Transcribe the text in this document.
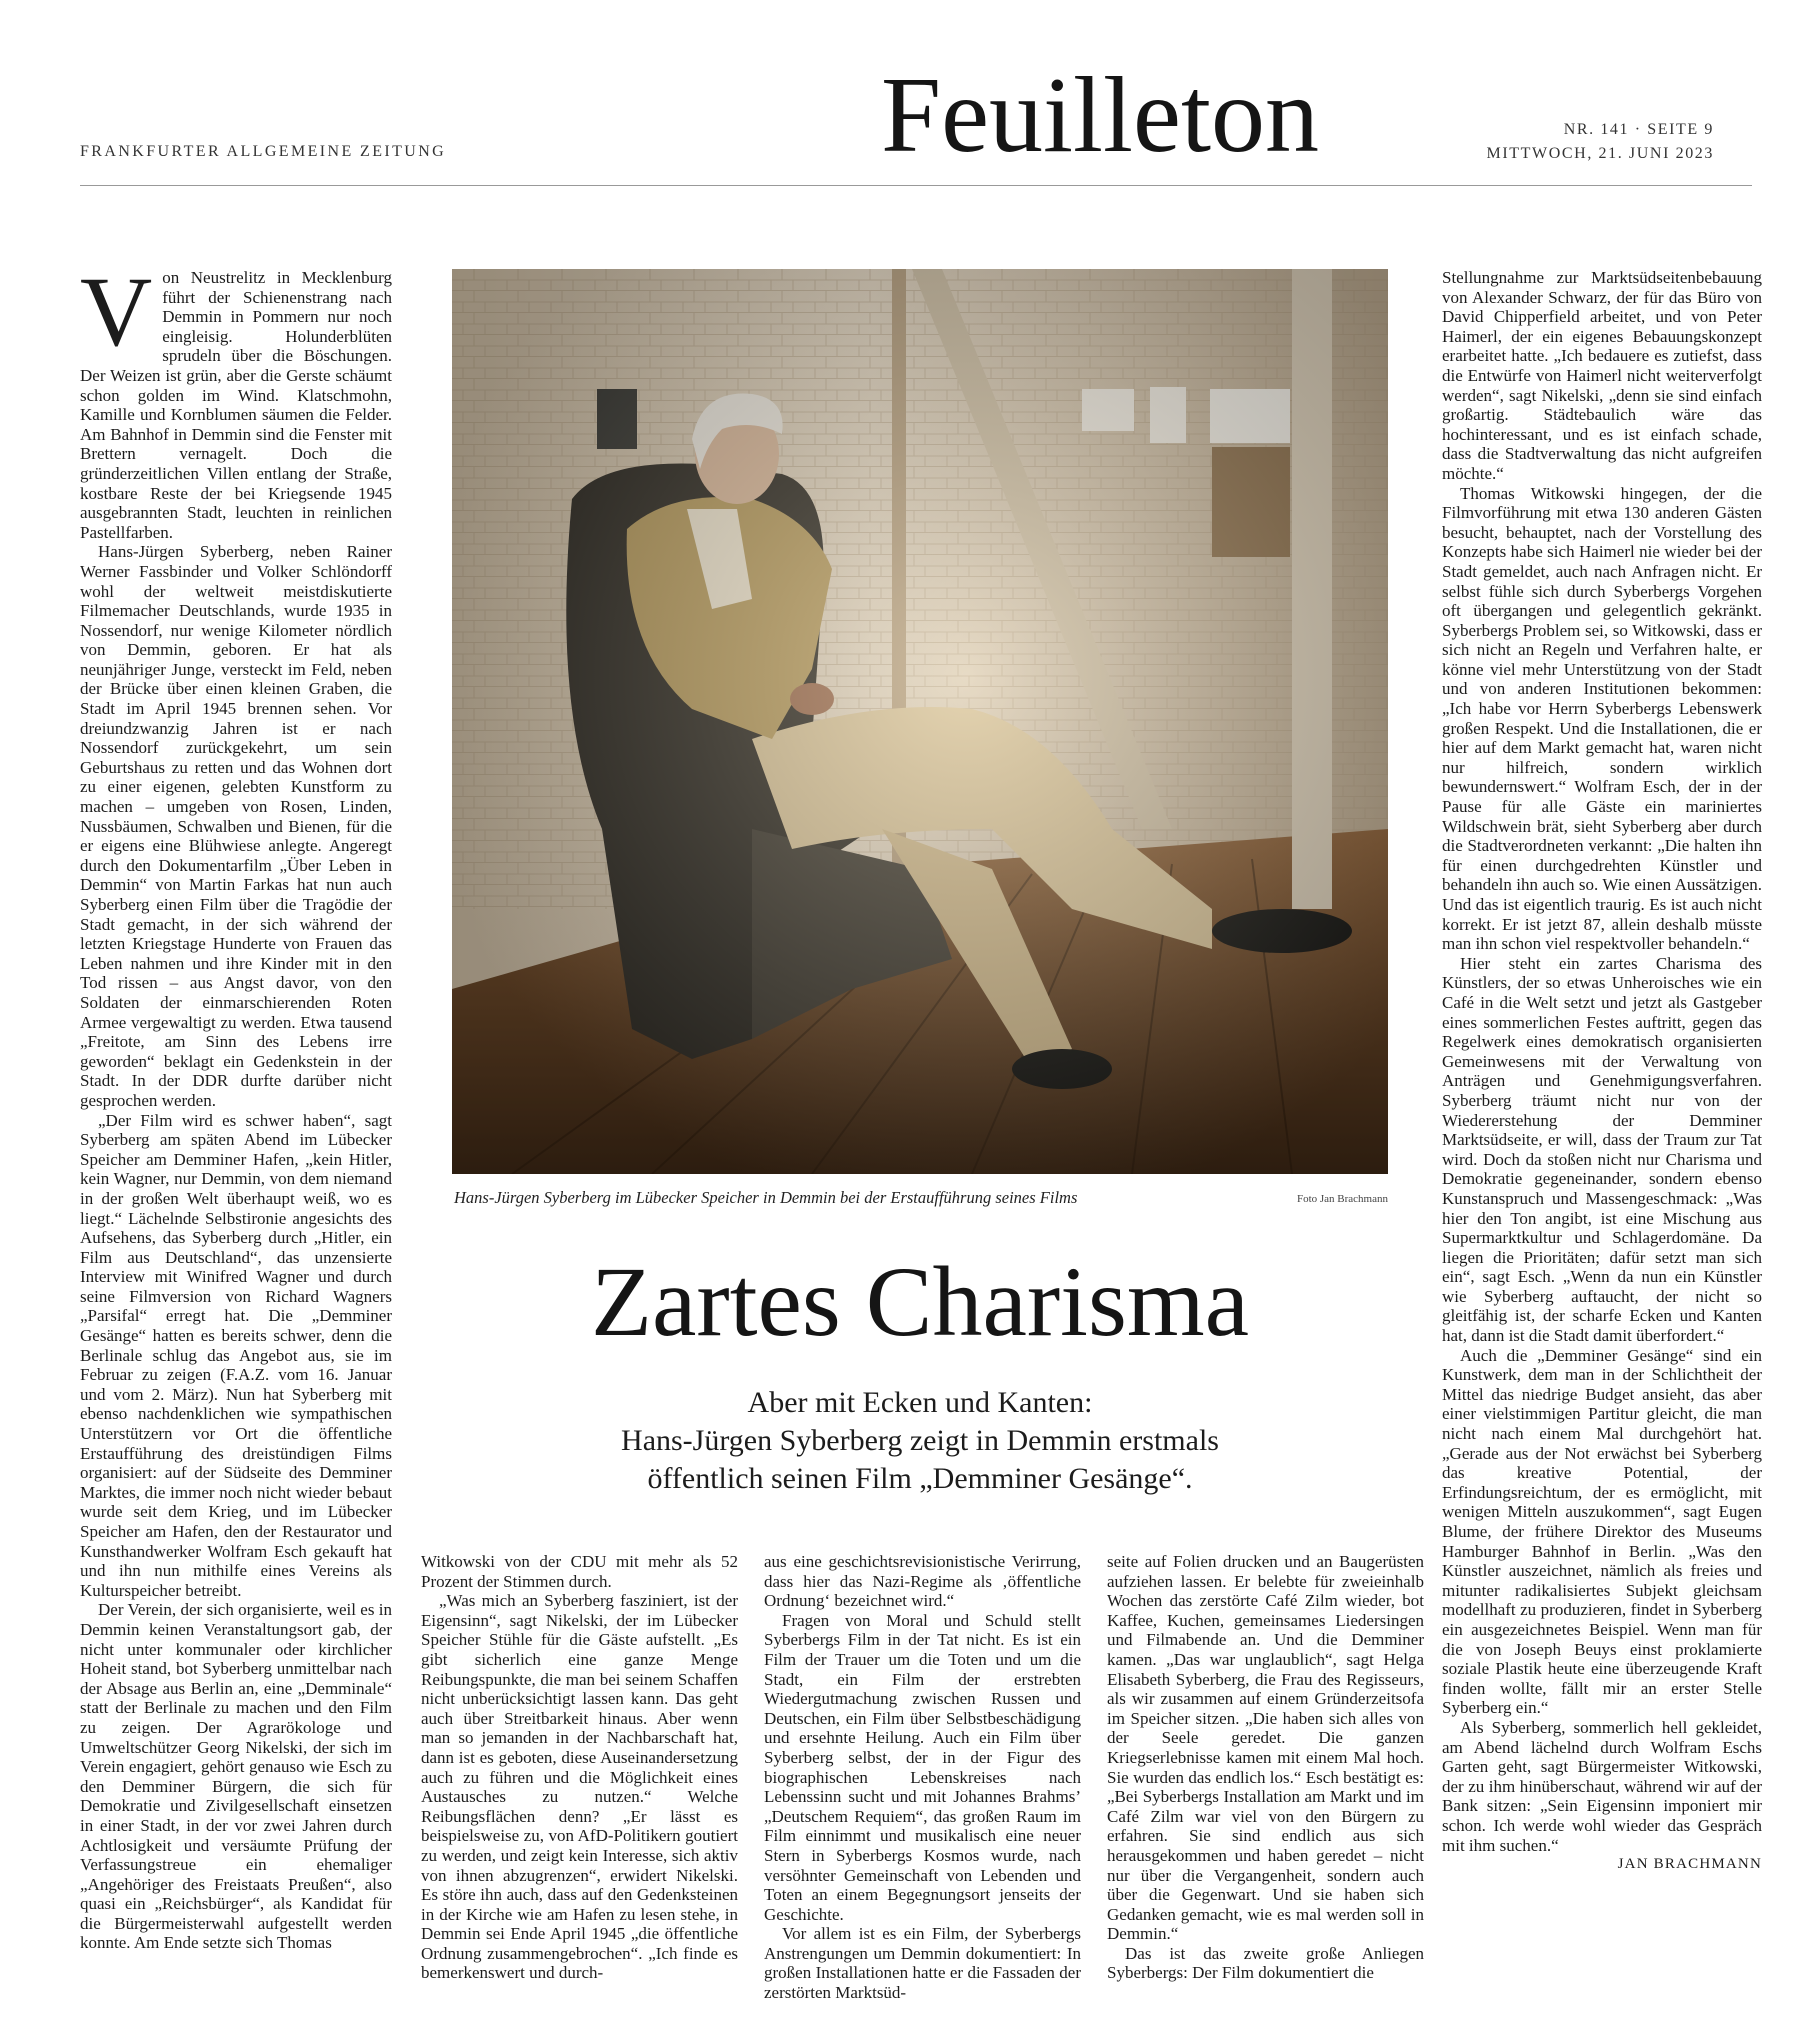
FRANKFURTER ALLGEMEINE ZEITUNG	Feuilleton	NR. 141 · SEITE 9
MITTWOCH, 21. JUNI 2023

Von Neustrelitz in Mecklenburg führt der Schienenstrang nach Demmin in Pommern nur noch eingleisig. Holunderblüten sprudeln über die Böschungen. Der Weizen ist grün, aber die Gerste schäumt schon golden im Wind. Klatschmohn, Kamille und Kornblumen säumen die Felder. Am Bahnhof in Demmin sind die Fenster mit Brettern vernagelt. Doch die gründerzeitlichen Villen entlang der Straße, kostbare Reste der bei Kriegsende 1945 ausgebrannten Stadt, leuchten in reinlichen Pastellfarben.

Hans-Jürgen Syberberg, neben Rainer Werner Fassbinder und Volker Schlöndorff wohl der weltweit meistdiskutierte Filmemacher Deutschlands, wurde 1935 in Nossendorf, nur wenige Kilometer nördlich von Demmin, geboren. Er hat als neunjähriger Junge, versteckt im Feld, neben der Brücke über einen kleinen Graben, die Stadt im April 1945 brennen sehen. Vor dreiundzwanzig Jahren ist er nach Nossendorf zurückgekehrt, um sein Geburtshaus zu retten und das Wohnen dort zu einer eigenen, gelebten Kunstform zu machen – umgeben von Rosen, Linden, Nussbäumen, Schwalben und Bienen, für die er eigens eine Blühwiese anlegte. Angeregt durch den Dokumentarfilm „Über Leben in Demmin“ von Martin Farkas hat nun auch Syberberg einen Film über die Tragödie der Stadt gemacht, in der sich während der letzten Kriegstage Hunderte von Frauen das Leben nahmen und ihre Kinder mit in den Tod rissen – aus Angst davor, von den Soldaten der einmarschierenden Roten Armee vergewaltigt zu werden. Etwa tausend „Freitote, am Sinn des Lebens irre geworden“ beklagt ein Gedenkstein in der Stadt. In der DDR durfte darüber nicht gesprochen werden.

„Der Film wird es schwer haben“, sagt Syberberg am späten Abend im Lübecker Speicher am Demminer Hafen, „kein Hitler, kein Wagner, nur Demmin, von dem niemand in der großen Welt überhaupt weiß, wo es liegt.“ Lächelnde Selbstironie angesichts des Aufsehens, das Syberberg durch „Hitler, ein Film aus Deutschland“, das unzensierte Interview mit Winifred Wagner und durch seine Filmversion von Richard Wagners „Parsifal“ erregt hat. Die „Demminer Gesänge“ hatten es bereits schwer, denn die Berlinale schlug das Angebot aus, sie im Februar zu zeigen (F.A.Z. vom 16. Januar und vom 2. März). Nun hat Syberberg mit ebenso nachdenklichen wie sympathischen Unterstützern vor Ort die öffentliche Erstaufführung des dreistündigen Films organisiert: auf der Südseite des Demminer Marktes, die immer noch nicht wieder bebaut wurde seit dem Krieg, und im Lübecker Speicher am Hafen, den der Restaurator und Kunsthandwerker Wolfram Esch gekauft hat und ihn nun mithilfe eines Vereins als Kulturspeicher betreibt.

Der Verein, der sich organisierte, weil es in Demmin keinen Veranstaltungsort gab, der nicht unter kommunaler oder kirchlicher Hoheit stand, bot Syberberg unmittelbar nach der Absage aus Berlin an, eine „Demminale“ statt der Berlinale zu machen und den Film zu zeigen. Der Agrarökologe und Umweltschützer Georg Nikelski, der sich im Verein engagiert, gehört genauso wie Esch zu den Demminer Bürgern, die sich für Demokratie und Zivilgesellschaft einsetzen in einer Stadt, in der vor zwei Jahren durch Achtlosigkeit und versäumte Prüfung der Verfassungstreue ein ehemaliger „Angehöriger des Freistaats Preußen“, also quasi ein „Reichsbürger“, als Kandidat für die Bürgermeisterwahl aufgestellt werden konnte. Am Ende setzte sich Thomas

Hans-Jürgen Syberberg im Lübecker Speicher in Demmin bei der Erstaufführung seines Films	Foto Jan Brachmann
Zartes Charisma
Aber mit Ecken und Kanten:
Hans-Jürgen Syberberg zeigt in Demmin erstmals
öffentlich seinen Film „Demminer Gesänge“.

Witkowski von der CDU mit mehr als 52 Prozent der Stimmen durch.

„Was mich an Syberberg fasziniert, ist der Eigensinn“, sagt Nikelski, der im Lübecker Speicher Stühle für die Gäste aufstellt. „Es gibt sicherlich eine ganze Menge Reibungspunkte, die man bei seinem Schaffen nicht unberücksichtigt lassen kann. Das geht auch über Streitbarkeit hinaus. Aber wenn man so jemanden in der Nachbarschaft hat, dann ist es geboten, diese Auseinandersetzung auch zu führen und die Möglichkeit eines Austausches zu nutzen.“ Welche Reibungsflächen denn? „Er lässt es beispielsweise zu, von AfD-Politikern goutiert zu werden, und zeigt kein Interesse, sich aktiv von ihnen abzugrenzen“, erwidert Nikelski. Es störe ihn auch, dass auf den Gedenksteinen in der Kirche wie am Hafen zu lesen stehe, in Demmin sei Ende April 1945 „die öffentliche Ordnung zusammengebrochen“. „Ich finde es bemerkenswert und durch-

aus eine geschichtsrevisionistische Verirrung, dass hier das Nazi-Regime als ‚öffentliche Ordnung‘ bezeichnet wird.“

Fragen von Moral und Schuld stellt Syberbergs Film in der Tat nicht. Es ist ein Film der Trauer um die Toten und um die Stadt, ein Film der erstrebten Wiedergutmachung zwischen Russen und Deutschen, ein Film über Selbstbeschädigung und ersehnte Heilung. Auch ein Film über Syberberg selbst, der in der Figur des biographischen Lebenskreises nach Lebenssinn sucht und mit Johannes Brahms’ „Deutschem Requiem“, das großen Raum im Film einnimmt und musikalisch eine neuer Stern in Syberbergs Kosmos wurde, nach versöhnter Gemeinschaft von Lebenden und Toten an einem Begegnungsort jenseits der Geschichte.

Vor allem ist es ein Film, der Syberbergs Anstrengungen um Demmin dokumentiert: In großen Installationen hatte er die Fassaden der zerstörten Marktsüd-

seite auf Folien drucken und an Baugerüsten aufziehen lassen. Er belebte für zweieinhalb Wochen das zerstörte Café Zilm wieder, bot Kaffee, Kuchen, gemeinsames Liedersingen und Filmabende an. Und die Demminer kamen. „Das war unglaublich“, sagt Helga Elisabeth Syberberg, die Frau des Regisseurs, als wir zusammen auf einem Gründerzeitsofa im Speicher sitzen. „Die haben sich alles von der Seele geredet. Die ganzen Kriegserlebnisse kamen mit einem Mal hoch. Sie wurden das endlich los.“ Esch bestätigt es: „Bei Syberbergs Installation am Markt und im Café Zilm war viel von den Bürgern zu erfahren. Sie sind endlich aus sich herausgekommen und haben geredet – nicht nur über die Vergangenheit, sondern auch über die Gegenwart. Und sie haben sich Gedanken gemacht, wie es mal werden soll in Demmin.“

Das ist das zweite große Anliegen Syberbergs: Der Film dokumentiert die

Stellungnahme zur Marktsüdseitenbebauung von Alexander Schwarz, der für das Büro von David Chipperfield arbeitet, und von Peter Haimerl, der ein eigenes Bebauungskonzept erarbeitet hatte. „Ich bedauere es zutiefst, dass die Entwürfe von Haimerl nicht weiterverfolgt werden“, sagt Nikelski, „denn sie sind einfach großartig. Städtebaulich wäre das hochinteressant, und es ist einfach schade, dass die Stadtverwaltung das nicht aufgreifen möchte.“

Thomas Witkowski hingegen, der die Filmvorführung mit etwa 130 anderen Gästen besucht, behauptet, nach der Vorstellung des Konzepts habe sich Haimerl nie wieder bei der Stadt gemeldet, auch nach Anfragen nicht. Er selbst fühle sich durch Syberbergs Vorgehen oft übergangen und gelegentlich gekränkt. Syberbergs Problem sei, so Witkowski, dass er sich nicht an Regeln und Verfahren halte, er könne viel mehr Unterstützung von der Stadt und von anderen Institutionen bekommen: „Ich habe vor Herrn Syberbergs Lebenswerk großen Respekt. Und die Installationen, die er hier auf dem Markt gemacht hat, waren nicht nur hilfreich, sondern wirklich bewundernswert.“ Wolfram Esch, der in der Pause für alle Gäste ein mariniertes Wildschwein brät, sieht Syberberg aber durch die Stadtverordneten verkannt: „Die halten ihn für einen durchgedrehten Künstler und behandeln ihn auch so. Wie einen Aussätzigen. Und das ist eigentlich traurig. Es ist auch nicht korrekt. Er ist jetzt 87, allein deshalb müsste man ihn schon viel respektvoller behandeln.“

Hier steht ein zartes Charisma des Künstlers, der so etwas Unheroisches wie ein Café in die Welt setzt und jetzt als Gastgeber eines sommerlichen Festes auftritt, gegen das Regelwerk eines demokratisch organisierten Gemeinwesens mit der Verwaltung von Anträgen und Genehmigungsverfahren. Syberberg träumt nicht nur von der Wiedererstehung der Demminer Marktsüdseite, er will, dass der Traum zur Tat wird. Doch da stoßen nicht nur Charisma und Demokratie gegeneinander, sondern ebenso Kunstanspruch und Massengeschmack: „Was hier den Ton angibt, ist eine Mischung aus Supermarktkultur und Schlagerdomäne. Da liegen die Prioritäten; dafür setzt man sich ein“, sagt Esch. „Wenn da nun ein Künstler wie Syberberg auftaucht, der nicht so gleitfähig ist, der scharfe Ecken und Kanten hat, dann ist die Stadt damit überfordert.“

Auch die „Demminer Gesänge“ sind ein Kunstwerk, dem man in der Schlichtheit der Mittel das niedrige Budget ansieht, das aber einer vielstimmigen Partitur gleicht, die man nicht nach einem Mal durchgehört hat. „Gerade aus der Not erwächst bei Syberberg das kreative Potential, der Erfindungsreichtum, der es ermöglicht, mit wenigen Mitteln auszukommen“, sagt Eugen Blume, der frühere Direktor des Museums Hamburger Bahnhof in Berlin. „Was den Künstler auszeichnet, nämlich als freies und mitunter radikalisiertes Subjekt gleichsam modellhaft zu produzieren, findet in Syberberg ein ausgezeichnetes Beispiel. Wenn man für die von Joseph Beuys einst proklamierte soziale Plastik heute eine überzeugende Kraft finden wollte, fällt mir an erster Stelle Syberberg ein.“

Als Syberberg, sommerlich hell gekleidet, am Abend lächelnd durch Wolfram Eschs Garten geht, sagt Bürgermeister Witkowski, der zu ihm hinüberschaut, während wir auf der Bank sitzen: „Sein Eigensinn imponiert mir schon. Ich werde wohl wieder das Gespräch mit ihm suchen.“

JAN BRACHMANN
